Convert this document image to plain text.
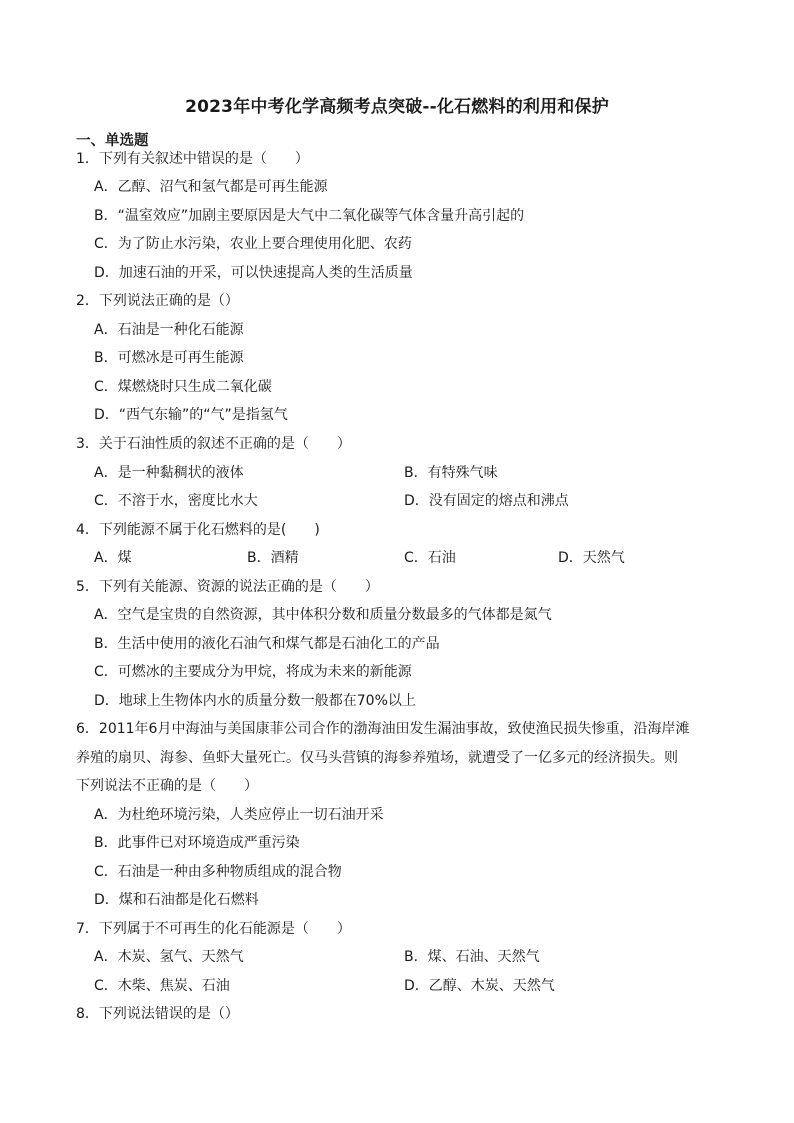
2023年中考化学高频考点突破--化石燃料的利用和保护
一、单选题
1．下列有关叙述中错误的是（　　）
A．乙醇、沼气和氢气都是可再生能源
B．“温室效应”加剧主要原因是大气中二氧化碳等气体含量升高引起的
C．为了防止水污染，农业上要合理使用化肥、农药
D．加速石油的开采，可以快速提高人类的生活质量
2．下列说法正确的是（）
A．石油是一种化石能源
B．可燃冰是可再生能源
C．煤燃烧时只生成二氧化碳
D．“西气东输”的“气”是指氢气
3．关于石油性质的叙述不正确的是（　　）
A．是一种黏稠状的液体	B．有特殊气味
C．不溶于水，密度比水大	D．没有固定的熔点和沸点
4．下列能源不属于化石燃料的是(　　)
A．煤	B．酒精	C．石油	D．天然气
5．下列有关能源、资源的说法正确的是（　　）
A．空气是宝贵的自然资源，其中体积分数和质量分数最多的气体都是氮气
B．生活中使用的液化石油气和煤气都是石油化工的产品
C．可燃冰的主要成分为甲烷，将成为未来的新能源
D．地球上生物体内水的质量分数一般都在70%以上
6．2011年6月中海油与美国康菲公司合作的渤海油田发生漏油事故，致使渔民损失惨重，沿海岸滩
养殖的扇贝、海参、鱼虾大量死亡。仅马头营镇的海参养殖场，就遭受了一亿多元的经济损失。则
下列说法不正确的是（　　）
A．为杜绝环境污染，人类应停止一切石油开采
B．此事件已对环境造成严重污染
C．石油是一种由多种物质组成的混合物
D．煤和石油都是化石燃料
7．下列属于不可再生的化石能源是（　　）
A．木炭、氢气、天然气	B．煤、石油、天然气
C．木柴、焦炭、石油	D．乙醇、木炭、天然气
8．下列说法错误的是（）
